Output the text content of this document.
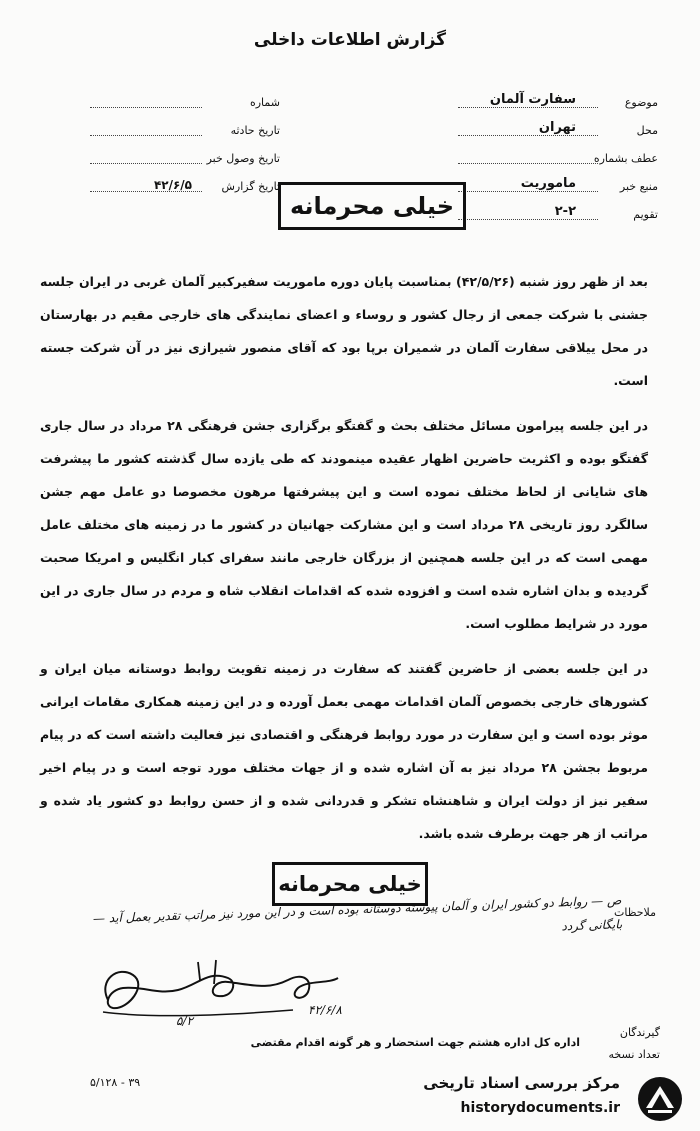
گزارش اطلاعات داخلی
موضوع
سفارت آلمان
محل
تهران
عطف بشماره
منبع خبر
ماموریت
تقویم
۲-۲
شماره
تاریخ حادثه
تاریخ وصول خبر
تاریخ گزارش
۴۲/۶/۵
خیلی محرمانه

بعد از ظهر روز شنبه (۴۲/۵/۲۶) بمناسبت پایان دوره ماموریت سفیرکبیر آلمان غربی در ایران جلسه جشنی با شرکت جمعی از رجال کشور و روساء و اعضای نمایندگی های خارجی مقیم در بهارستان در محل ییلاقی سفارت آلمان در شمیران برپا بود که آقای منصور شیرازی نیز در آن شرکت جسته است.

در این جلسه پیرامون مسائل مختلف بحث و گفتگو برگزاری جشن فرهنگی ۲۸ مرداد در سال جاری گفتگو بوده و اکثریت حاضرین اظهار عقیده مینمودند که طی یازده سال گذشته کشور ما پیشرفت های شایانی از لحاظ مختلف نموده است و این پیشرفتها مرهون مخصوصا دو عامل مهم جشن سالگرد روز تاریخی ۲۸ مرداد است و این مشارکت جهانیان در کشور ما در زمینه های مختلف عامل مهمی است که در این جلسه همچنین از بزرگان خارجی مانند سفرای کبار انگلیس و امریکا صحبت گردیده و بدان اشاره شده است و افزوده شده که اقدامات انقلاب شاه و مردم در سال جاری در این مورد در شرایط مطلوب است.

در این جلسه بعضی از حاضرین گفتند که سفارت در زمینه تقویت روابط دوستانه میان ایران و کشورهای خارجی بخصوص آلمان اقدامات مهمی بعمل آورده و در این زمینه همکاری مقامات ایرانی موثر بوده است و این سفارت در مورد روابط فرهنگی و اقتصادی نیز فعالیت داشته است که در پیام مربوط بجشن ۲۸ مرداد نیز به آن اشاره شده و از جهات مختلف مورد توجه است و در پیام اخیر سفیر نیز از دولت ایران و شاهنشاه تشکر و قدردانی شده و از حسن روابط دو کشور یاد شده و مراتب از هر جهت برطرف شده باشد.

خیلی محرمانه
ملاحظات
ص — روابط دو کشور ایران و آلمان پیوسته دوستانه بوده است و در این مورد نیز مراتب تقدیر بعمل آید — بایگانی گردد
۴۲/۶/۸
۵/۲
گیرندگان
اداره کل اداره هشتم جهت استحضار و هر گونه اقدام مقتضی
تعداد نسخه
۳۹ - ۵/۱۲۸	مرکز بررسی اسناد تاریخی
historydocuments.ir
